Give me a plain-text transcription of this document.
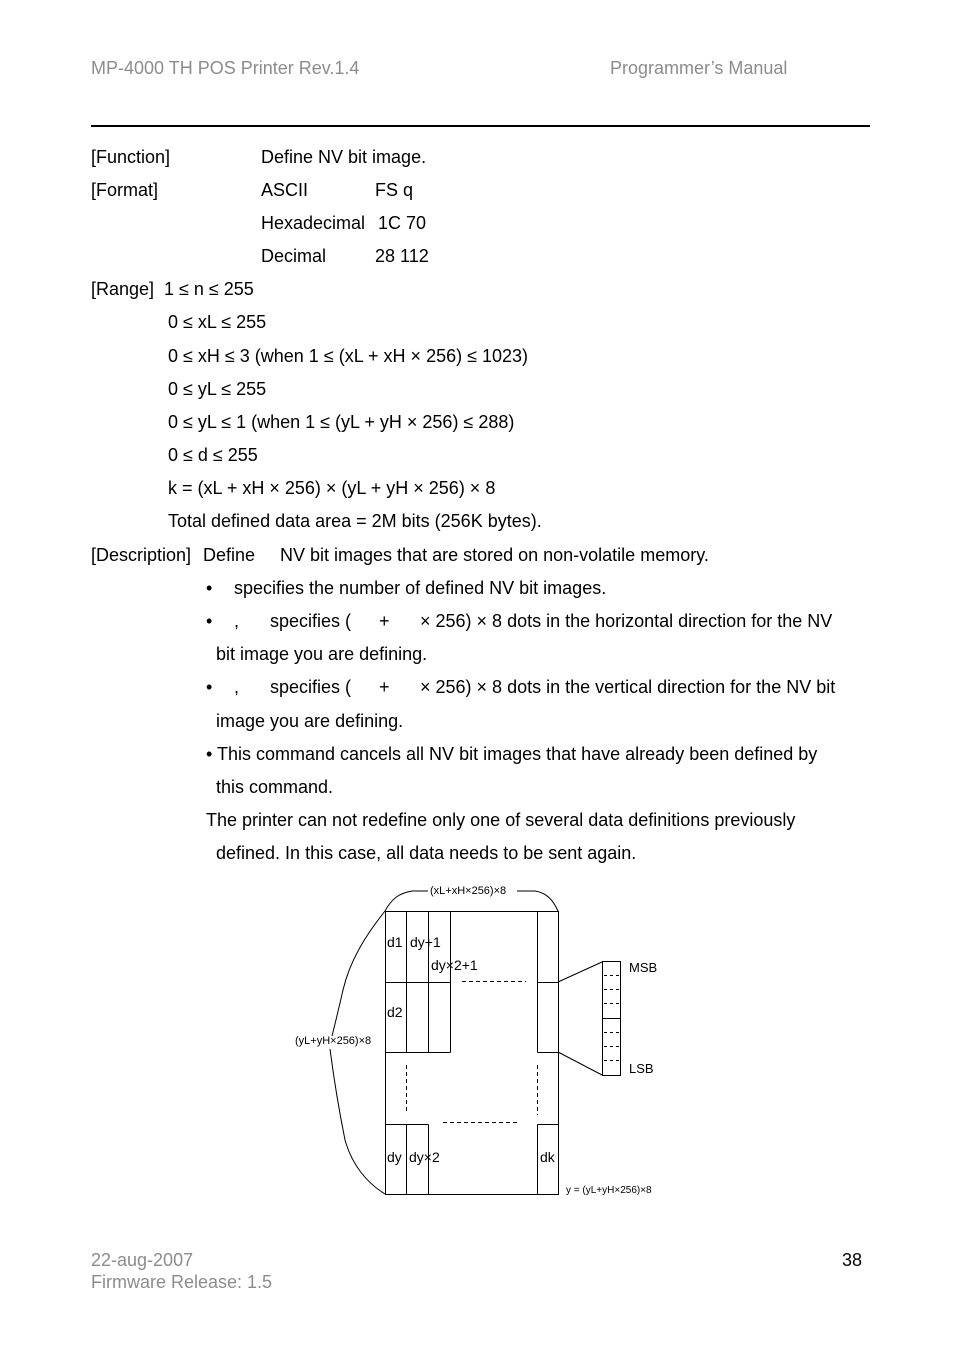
MP-4000 TH POS Printer Rev.1.4	Programmer’s Manual
[Function]	Define NV bit image.
[Format]	ASCII	FS q
Hexadecimal 1C 70
Decimal	28 112
[Range] 1 ≤ n ≤ 255
0 ≤ xL ≤ 255
0 ≤ xH ≤ 3 (when 1 ≤ (xL + xH × 256) ≤ 1023)
0 ≤ yL ≤ 255
0 ≤ yL ≤ 1 (when 1 ≤ (yL + yH × 256) ≤ 288)
0 ≤ d ≤ 255
k = (xL + xH × 256) × (yL + yH × 256) × 8
Total defined data area = 2M bits (256K bytes).
[Description] Define NV bit images that are stored on non-volatile memory.
• specifies the number of defined NV bit images.
• , specifies ( + × 256) × 8 dots in the horizontal direction for the NV
bit image you are defining.
• , specifies ( + × 256) × 8 dots in the vertical direction for the NV bit
image you are defining.
• This command cancels all NV bit images that have already been defined by
this command.
The printer can not redefine only one of several data definitions previously
defined. In this case, all data needs to be sent again.
(xL+xH×256)×8
(yL+yH×256)×8
y = (yL+yH×256)×8
d1 dy+1
dy×2+1
d2
dy dy×2	dk
MSB
LSB
22-aug-2007
Firmware Release: 1.5
38
